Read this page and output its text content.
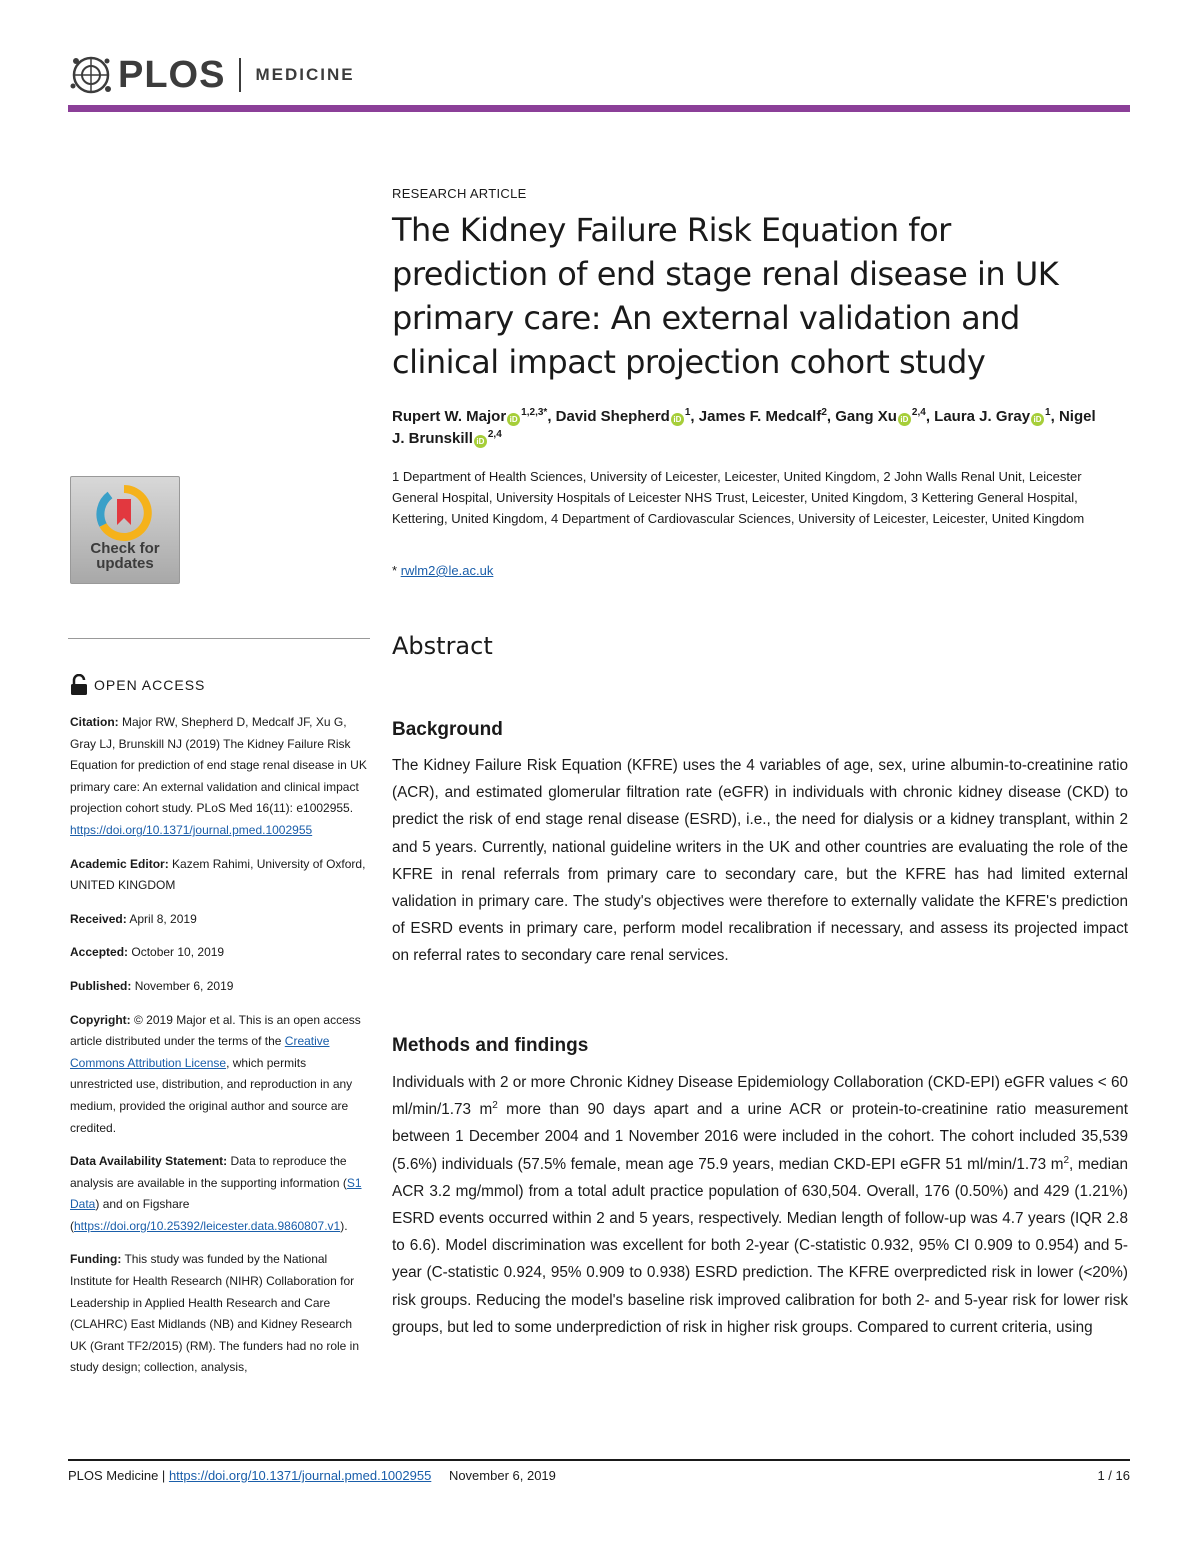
PLOS MEDICINE
Check for
updates
OPEN ACCESS

Citation: Major RW, Shepherd D, Medcalf JF, Xu G, Gray LJ, Brunskill NJ (2019) The Kidney Failure Risk Equation for prediction of end stage renal disease in UK primary care: An external validation and clinical impact projection cohort study. PLoS Med 16(11): e1002955. https://doi.org/10.1371/journal.pmed.1002955

Academic Editor: Kazem Rahimi, University of Oxford, UNITED KINGDOM

Received: April 8, 2019

Accepted: October 10, 2019

Published: November 6, 2019

Copyright: © 2019 Major et al. This is an open access article distributed under the terms of the Creative Commons Attribution License, which permits unrestricted use, distribution, and reproduction in any medium, provided the original author and source are credited.

Data Availability Statement: Data to reproduce the analysis are available in the supporting information (S1 Data) and on Figshare (https://doi.org/10.25392/leicester.data.9860807.v1).

Funding: This study was funded by the National Institute for Health Research (NIHR) Collaboration for Leadership in Applied Health Research and Care (CLAHRC) East Midlands (NB) and Kidney Research UK (Grant TF2/2015) (RM). The funders had no role in study design; collection, analysis,

RESEARCH ARTICLE
The Kidney Failure Risk Equation for prediction of end stage renal disease in UK primary care: An external validation and clinical impact projection cohort study
Rupert W. Major $iD^{1,2,3*}$, David Shepherd $iD^1$, James F. Medcalf$^2$, Gang Xu iD$^{2,4}$, Laura J. Gray $iD^1$, Nigel J. Brunskill iD$^{2,4}$
1 Department of Health Sciences, University of Leicester, Leicester, United Kingdom, 2 John Walls Renal Unit, Leicester General Hospital, University Hospitals of Leicester NHS Trust, Leicester, United Kingdom, 3 Kettering General Hospital, Kettering, United Kingdom, 4 Department of Cardiovascular Sciences, University of Leicester, Leicester, United Kingdom
* rwlm2@le.ac.uk
Abstract
Background

The Kidney Failure Risk Equation (KFRE) uses the 4 variables of age, sex, urine albumin-to-creatinine ratio (ACR), and estimated glomerular filtration rate (eGFR) in individuals with chronic kidney disease (CKD) to predict the risk of end stage renal disease (ESRD), i.e., the need for dialysis or a kidney transplant, within 2 and 5 years. Currently, national guideline writers in the UK and other countries are evaluating the role of the KFRE in renal referrals from primary care to secondary care, but the KFRE has had limited external validation in primary care. The study's objectives were therefore to externally validate the KFRE's prediction of ESRD events in primary care, perform model recalibration if necessary, and assess its projected impact on referral rates to secondary care renal services.

Methods and findings

Individuals with 2 or more Chronic Kidney Disease Epidemiology Collaboration (CKD-EPI) eGFR values < 60 ml/min/1.73 $m^2$ more than 90 days apart and a urine ACR or protein-to-creatinine ratio measurement between 1 December 2004 and 1 November 2016 were included in the cohort. The cohort included 35,539 (5.6%) individuals (57.5% female, mean age 75.9 years, median CKD-EPI eGFR 51 ml/min/1.73 $m^2$, median ACR 3.2 mg/mmol) from a total adult practice population of 630,504. Overall, 176 (0.50%) and 429 (1.21%) ESRD events occurred within 2 and 5 years, respectively. Median length of follow-up was 4.7 years (IQR 2.8 to 6.6). Model discrimination was excellent for both 2-year (C-statistic 0.932, 95% CI 0.909 to 0.954) and 5-year (C-statistic 0.924, 95% 0.909 to 0.938) ESRD prediction. The KFRE overpredicted risk in lower (<20%) risk groups. Reducing the model's baseline risk improved calibration for both 2- and 5-year risk for lower risk groups, but led to some underprediction of risk in higher risk groups. Compared to current criteria, using

PLOS Medicine | https://doi.org/10.1371/journal.pmed.1002955 November 6, 2019	1 / 16
